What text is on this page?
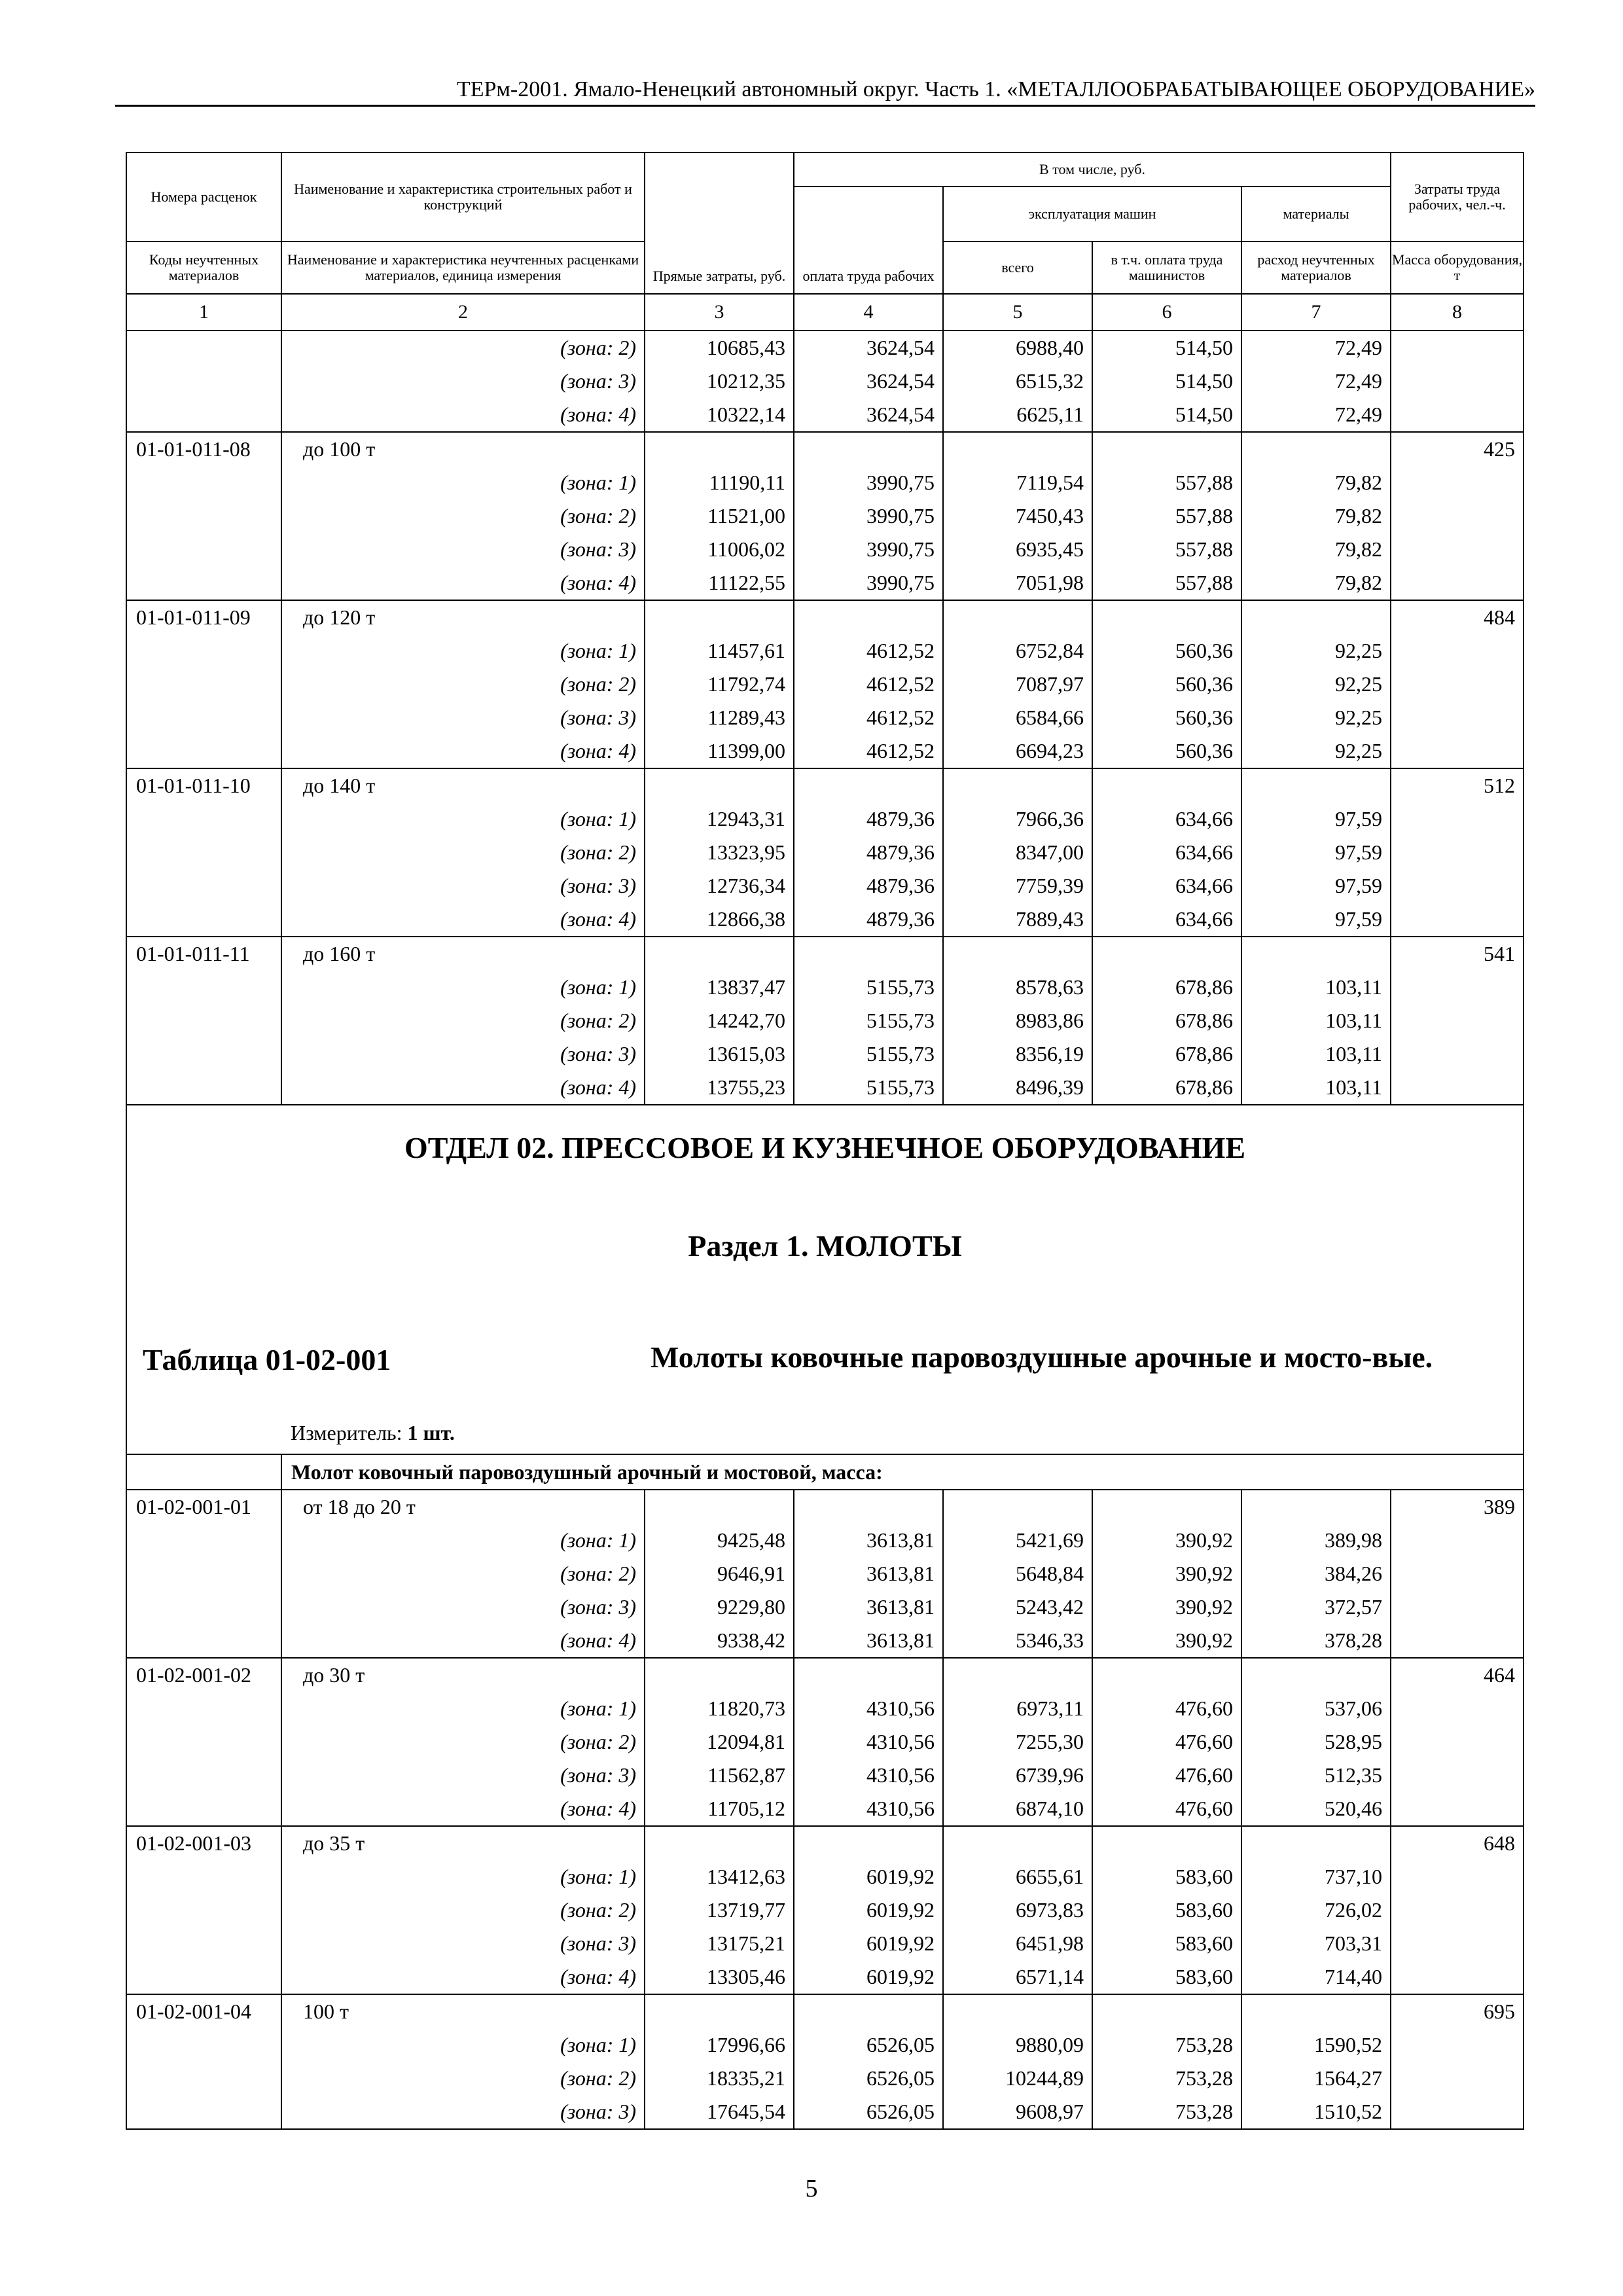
ТЕРм-2001. Ямало-Ненецкий автономный округ. Часть 1. «МЕТАЛЛООБРАБАТЫВАЮЩЕЕ ОБОРУДОВАНИЕ»
Номера расценок	Наименование и характеристика строительных работ и конструкций	Прямые затраты, руб.	В том числе, руб.				Затраты труда рабочих, чел.-ч.
			оплата труда рабочих	эксплуатация машин		материалы	
Коды неучтенных материалов	Наименование и характеристика неучтенных расценками материалов, единица измерения			всего	в т.ч. оплата труда машинистов	расход неучтенных материалов	Масса оборудования, т
1	2	3	4	5	6	7	8
	(зона: 2)	10685,43	3624,54	6988,40	514,50	72,49	
	(зона: 3)	10212,35	3624,54	6515,32	514,50	72,49	
	(зона: 4)	10322,14	3624,54	6625,11	514,50	72,49	
01-01-011-08	до 100 т						425
	(зона: 1)	11190,11	3990,75	7119,54	557,88	79,82	
	(зона: 2)	11521,00	3990,75	7450,43	557,88	79,82	
	(зона: 3)	11006,02	3990,75	6935,45	557,88	79,82	
	(зона: 4)	11122,55	3990,75	7051,98	557,88	79,82	
01-01-011-09	до 120 т						484
	(зона: 1)	11457,61	4612,52	6752,84	560,36	92,25	
	(зона: 2)	11792,74	4612,52	7087,97	560,36	92,25	
	(зона: 3)	11289,43	4612,52	6584,66	560,36	92,25	
	(зона: 4)	11399,00	4612,52	6694,23	560,36	92,25	
01-01-011-10	до 140 т						512
	(зона: 1)	12943,31	4879,36	7966,36	634,66	97,59	
	(зона: 2)	13323,95	4879,36	8347,00	634,66	97,59	
	(зона: 3)	12736,34	4879,36	7759,39	634,66	97,59	
	(зона: 4)	12866,38	4879,36	7889,43	634,66	97,59	
01-01-011-11	до 160 т						541
	(зона: 1)	13837,47	5155,73	8578,63	678,86	103,11	
	(зона: 2)	14242,70	5155,73	8983,86	678,86	103,11	
	(зона: 3)	13615,03	5155,73	8356,19	678,86	103,11	
	(зона: 4)	13755,23	5155,73	8496,39	678,86	103,11	

ОТДЕЛ 02. ПРЕССОВОЕ И КУЗНЕЧНОЕ ОБОРУДОВАНИЕ
Раздел 1. МОЛОТЫ
Таблица 01-02-001 Молоты ковочные паровоздушные арочные и мосто-вые.
Измеритель: 1 шт.							

	Молот ковочный паровоздушный арочный и мостовой, масса:						
01-02-001-01	от 18 до 20 т						389
	(зона: 1)	9425,48	3613,81	5421,69	390,92	389,98	
	(зона: 2)	9646,91	3613,81	5648,84	390,92	384,26	
	(зона: 3)	9229,80	3613,81	5243,42	390,92	372,57	
	(зона: 4)	9338,42	3613,81	5346,33	390,92	378,28	
01-02-001-02	до 30 т						464
	(зона: 1)	11820,73	4310,56	6973,11	476,60	537,06	
	(зона: 2)	12094,81	4310,56	7255,30	476,60	528,95	
	(зона: 3)	11562,87	4310,56	6739,96	476,60	512,35	
	(зона: 4)	11705,12	4310,56	6874,10	476,60	520,46	
01-02-001-03	до 35 т						648
	(зона: 1)	13412,63	6019,92	6655,61	583,60	737,10	
	(зона: 2)	13719,77	6019,92	6973,83	583,60	726,02	
	(зона: 3)	13175,21	6019,92	6451,98	583,60	703,31	
	(зона: 4)	13305,46	6019,92	6571,14	583,60	714,40	
01-02-001-04	100 т						695
	(зона: 1)	17996,66	6526,05	9880,09	753,28	1590,52	
	(зона: 2)	18335,21	6526,05	10244,89	753,28	1564,27	
	(зона: 3)	17645,54	6526,05	9608,97	753,28	1510,52	
5
